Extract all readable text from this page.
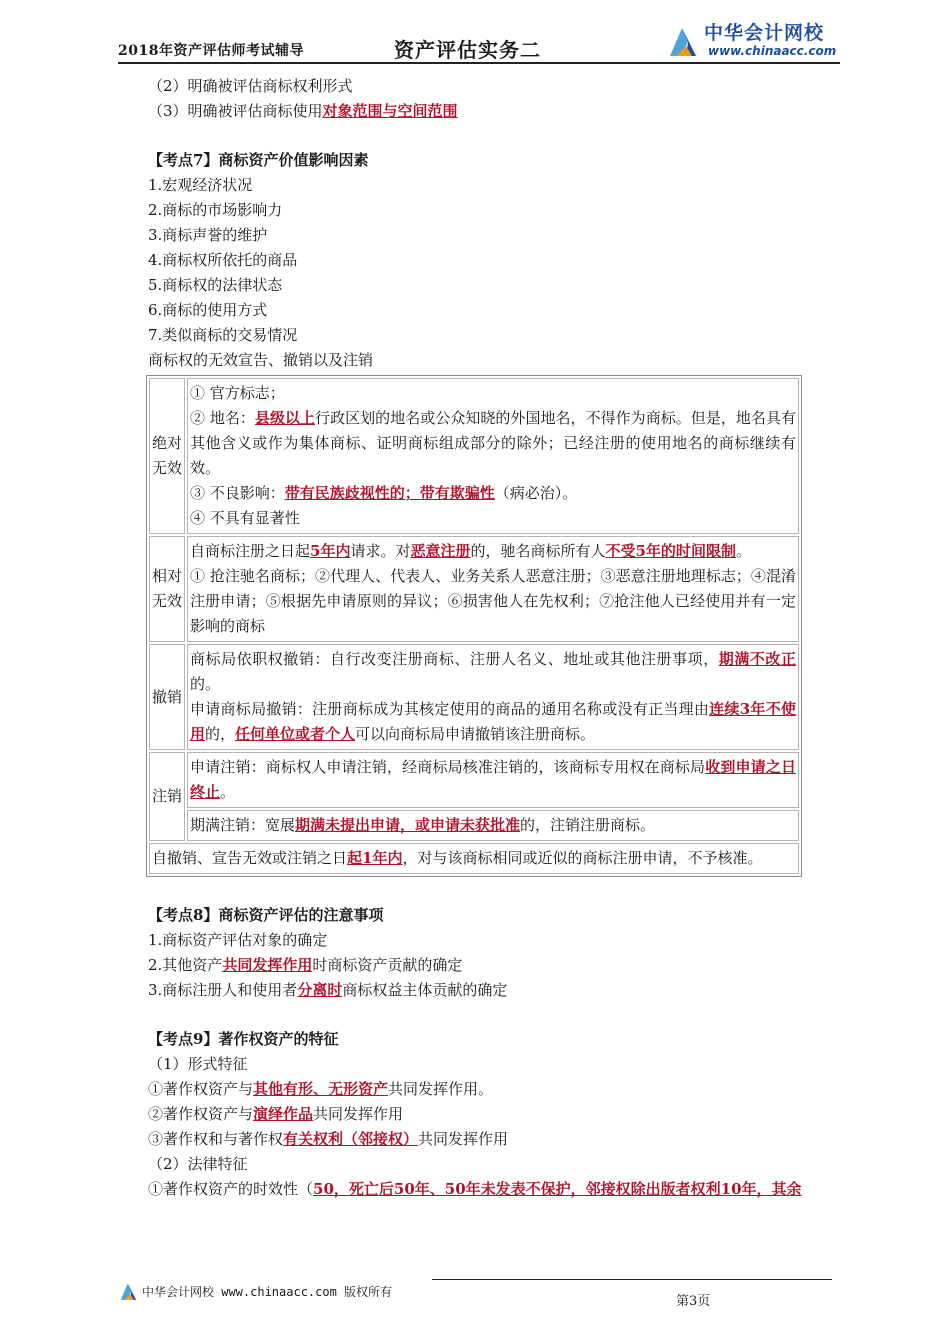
2018年资产评估师考试辅导	资产评估实务二
中华会计网校
www.chinaacc.com
（2）明确被评估商标权利形式
（3）明确被评估商标使用对象范围与空间范围
【考点7】商标资产价值影响因素
1.宏观经济状况
2.商标的市场影响力
3.商标声誉的维护
4.商标权所依托的商品
5.商标权的法律状态
6.商标的使用方式
7.类似商标的交易情况
商标权的无效宣告、撤销以及注销
绝对无效	① 官方标志；
② 地名：县级以上行政区划的地名或公众知晓的外国地名，不得作为商标。但是，地名具有其他含义或作为集体商标、证明商标组成部分的除外；已经注册的使用地名的商标继续有效。
③ 不良影响：带有民族歧视性的；带有欺骗性（病必治）。
④ 不具有显著性

相对无效	自商标注册之日起5年内请求。对恶意注册的，驰名商标所有人不受5年的时间限制。
① 抢注驰名商标；②代理人、代表人、业务关系人恶意注册；③恶意注册地理标志；④混淆注册申请；⑤根据先申请原则的异议；⑥损害他人在先权利；⑦抢注他人已经使用并有一定影响的商标

撤销	商标局依职权撤销：自行改变注册商标、注册人名义、地址或其他注册事项，期满不改正的。
申请商标局撤销：注册商标成为其核定使用的商品的通用名称或没有正当理由连续3年不使用的，任何单位或者个人可以向商标局申请撤销该注册商标。

注销	申请注销：商标权人申请注销，经商标局核准注销的，该商标专用权在商标局收到申请之日终止。
	期满注销：宽展期满未提出申请，或申请未获批准的，注销注册商标。
自撤销、宣告无效或注销之日起1年内，对与该商标相同或近似的商标注册申请，不予核准。	
【考点8】商标资产评估的注意事项
1.商标资产评估对象的确定
2.其他资产共同发挥作用时商标资产贡献的确定
3.商标注册人和使用者分离时商标权益主体贡献的确定
【考点9】著作权资产的特征
（1）形式特征
①著作权资产与其他有形、无形资产共同发挥作用。
②著作权资产与演绎作品共同发挥作用
③著作权和与著作权有关权利（邻接权）共同发挥作用
（2）法律特征
①著作权资产的时效性（50，死亡后50年、50年未发表不保护，邻接权除出版者权利10年，其余
中华会计网校 www.chinaacc.com 版权所有
第3页
